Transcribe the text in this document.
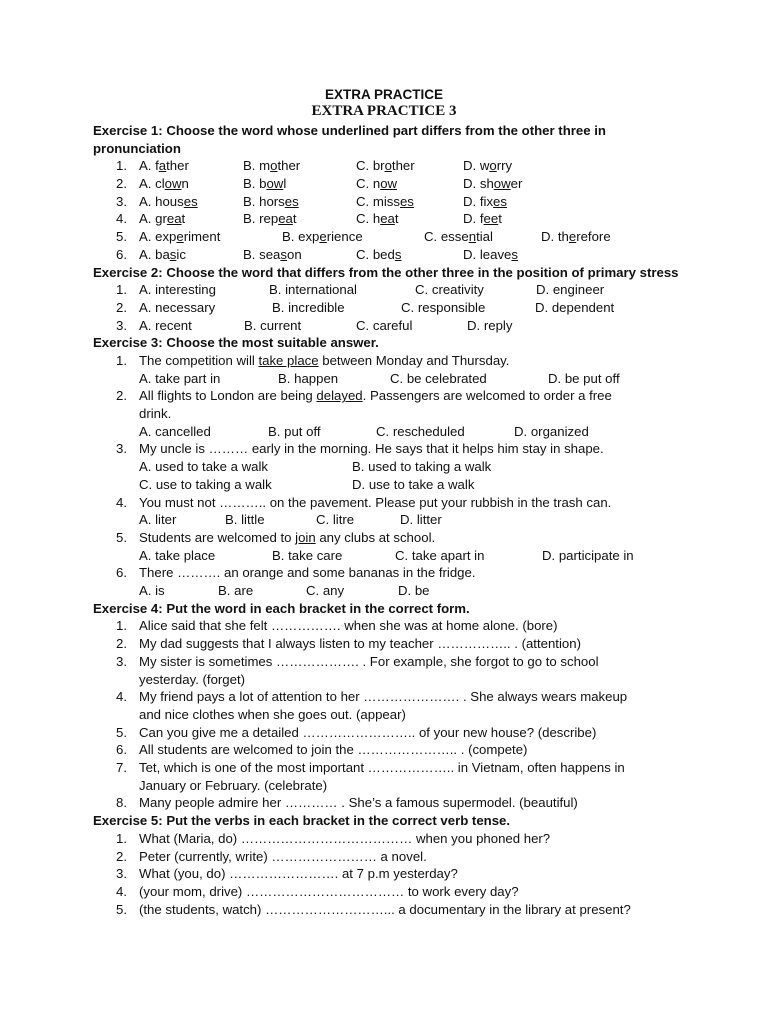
EXTRA PRACTICE
EXTRA PRACTICE 3

Exercise 1: Choose the word whose underlined part differs from the other three in pronunciation

1. A. father	B. mother	C. brother	D. worry
2. A. clown	B. bowl	C. now	D. shower
3. A. houses	B. horses	C. misses	D. fixes
4. A. great	B. repeat	C. heat	D. feet
5. A. experiment	B. experience	C. essential	D. therefore
6. A. basic	B. season	C. beds	D. leaves

Exercise 2: Choose the word that differs from the other three in the position of primary stress

1. A. interesting	B. international	C. creativity	D. engineer
2. A. necessary	B. incredible	C. responsible	D. dependent
3. A. recent	B. current	C. careful	D. reply

Exercise 3: Choose the most suitable answer.

1. The competition will take place between Monday and Thursday.
A. take part in	B. happen	C. be celebrated	D. be put off
2. All flights to London are being delayed. Passengers are welcomed to order a free
drink.
A. cancelled	B. put off	C. rescheduled	D. organized
3. My uncle is ……… early in the morning. He says that it helps him stay in shape.
A. used to take a walk	B. used to taking a walk
C. use to taking a walk	D. use to take a walk
4. You must not ……….. on the pavement. Please put your rubbish in the trash can.
A. liter	B. little	C. litre	D. litter
5. Students are welcomed to join any clubs at school.
A. take place	B. take care	C. take apart in	D. participate in
6. There ………. an orange and some bananas in the fridge.
A. is	B. are	C. any	D. be

Exercise 4: Put the word in each bracket in the correct form.

1. Alice said that she felt ……………. when she was at home alone. (bore)
2. My dad suggests that I always listen to my teacher …………….. . (attention)
3. My sister is sometimes ………………. . For example, she forgot to go to school
yesterday. (forget)
4. My friend pays a lot of attention to her …………………. . She always wears makeup
and nice clothes when she goes out. (appear)
5. Can you give me a detailed …………………….. of your new house? (describe)
6. All students are welcomed to join the ………………….. . (compete)
7. Tet, which is one of the most important ……………….. in Vietnam, often happens in
January or February. (celebrate)
8. Many people admire her ………… . She’s a famous supermodel. (beautiful)

Exercise 5: Put the verbs in each bracket in the correct verb tense.

1. What (Maria, do) ………………………………… when you phoned her?
2. Peter (currently, write) …………………… a novel.
3. What (you, do) ……………………. at 7 p.m yesterday?
4. (your mom, drive) ……………………………… to work every day?
5. (the students, watch) ………………………... a documentary in the library at present?
